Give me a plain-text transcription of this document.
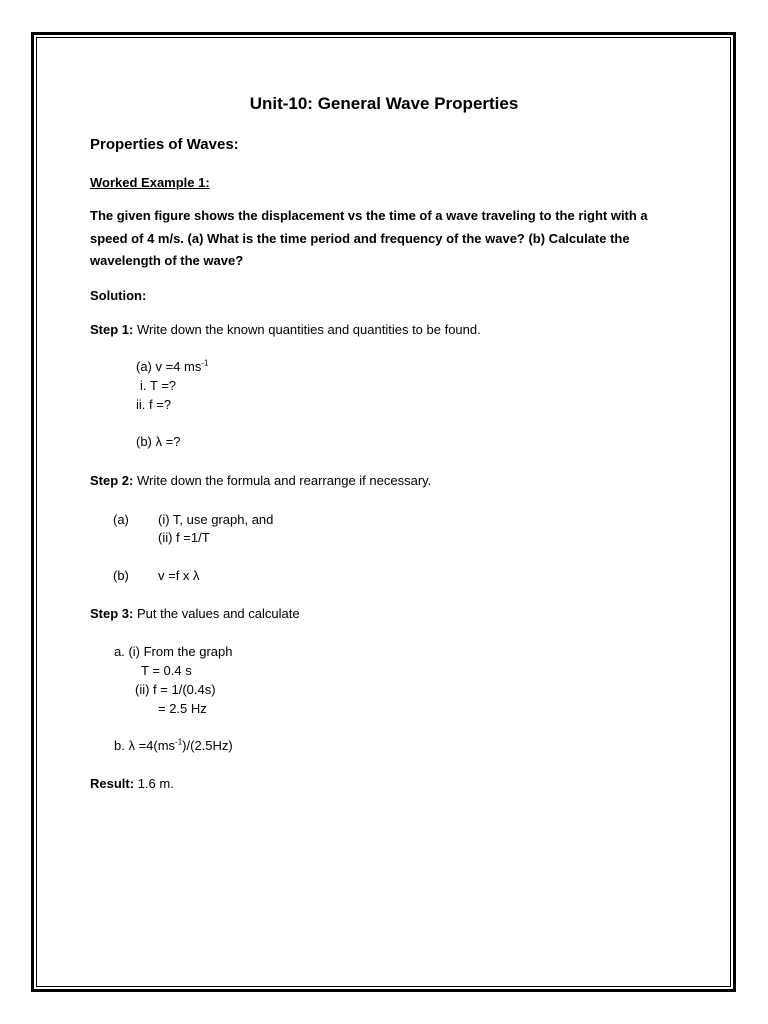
Unit-10: General Wave Properties
Properties of Waves:
Worked Example 1:
The given figure shows the displacement vs the time of a wave traveling to the right with a
speed of 4 m/s. (a) What is the time period and frequency of the wave? (b) Calculate the
wavelength of the wave?
Solution:
Step 1: Write down the known quantities and quantities to be found.
(a) v =4 $ms^{-1}$
i. T =?
ii. f =?
(b) λ =?
Step 2: Write down the formula and rearrange if necessary.
(a) (i) T, use graph, and
(ii) f =1/T
(b) v =f x λ
Step 3: Put the values and calculate
a. (i) From the graph
T = 0.4 s
(ii) f = 1/(0.4s)
= 2.5 Hz
b. $\lambda =4(ms^{-1})/(2.5Hz)$
Result: 1.6 m.
